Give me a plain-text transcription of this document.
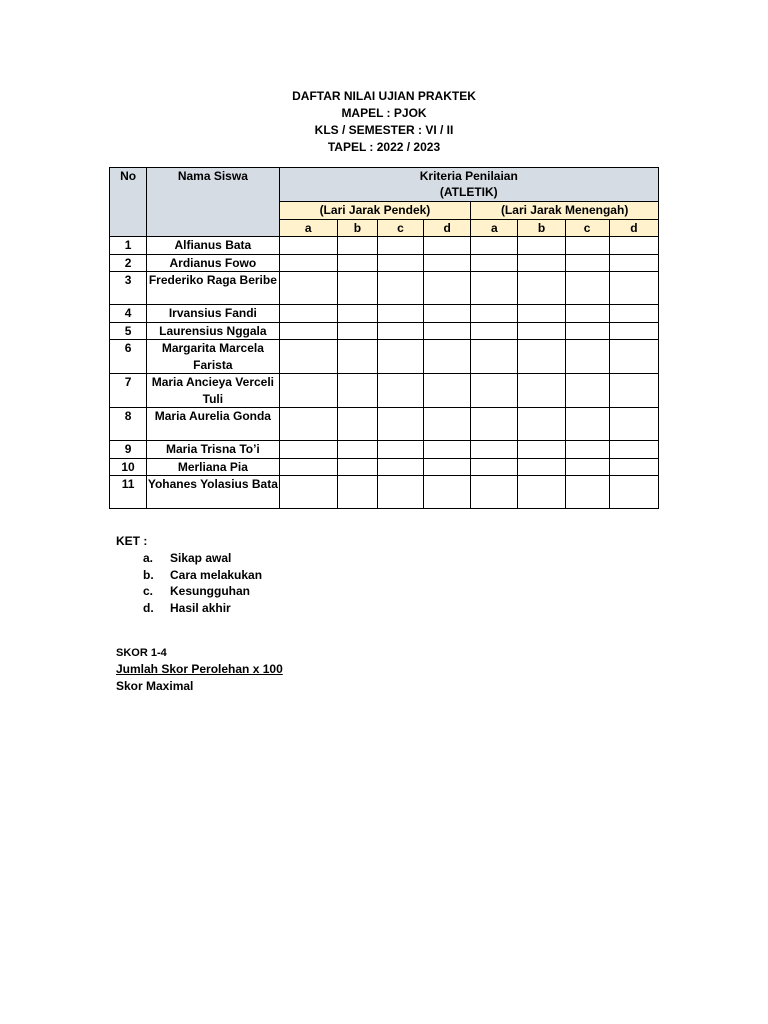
DAFTAR NILAI UJIAN PRAKTEK
MAPEL : PJOK
KLS / SEMESTER : VI / II
TAPEL : 2022 / 2023
No	Nama Siswa	Kriteria Penilaian
(ATLETIK)							

		(Lari Jarak Pendek)				(Lari Jarak Menengah)			
		a	b	c	d	a	b	c	d
1	Alfianus Bata								
2	Ardianus Fowo								
3	Frederiko Raga Beribe								
4	Irvansius Fandi								
5	Laurensius Nggala								
6	Margarita Marcela Farista								
7	Maria Ancieya Verceli Tuli								
8	Maria Aurelia Gonda								
9	Maria Trisna To’i								
10	Merliana Pia								
11	Yohanes Yolasius Bata								
KET :
a.	Sikap awal
b.	Cara melakukan
c.	Kesungguhan
d.	Hasil akhir
SKOR 1-4
Jumlah Skor Perolehan x 100
Skor Maximal
